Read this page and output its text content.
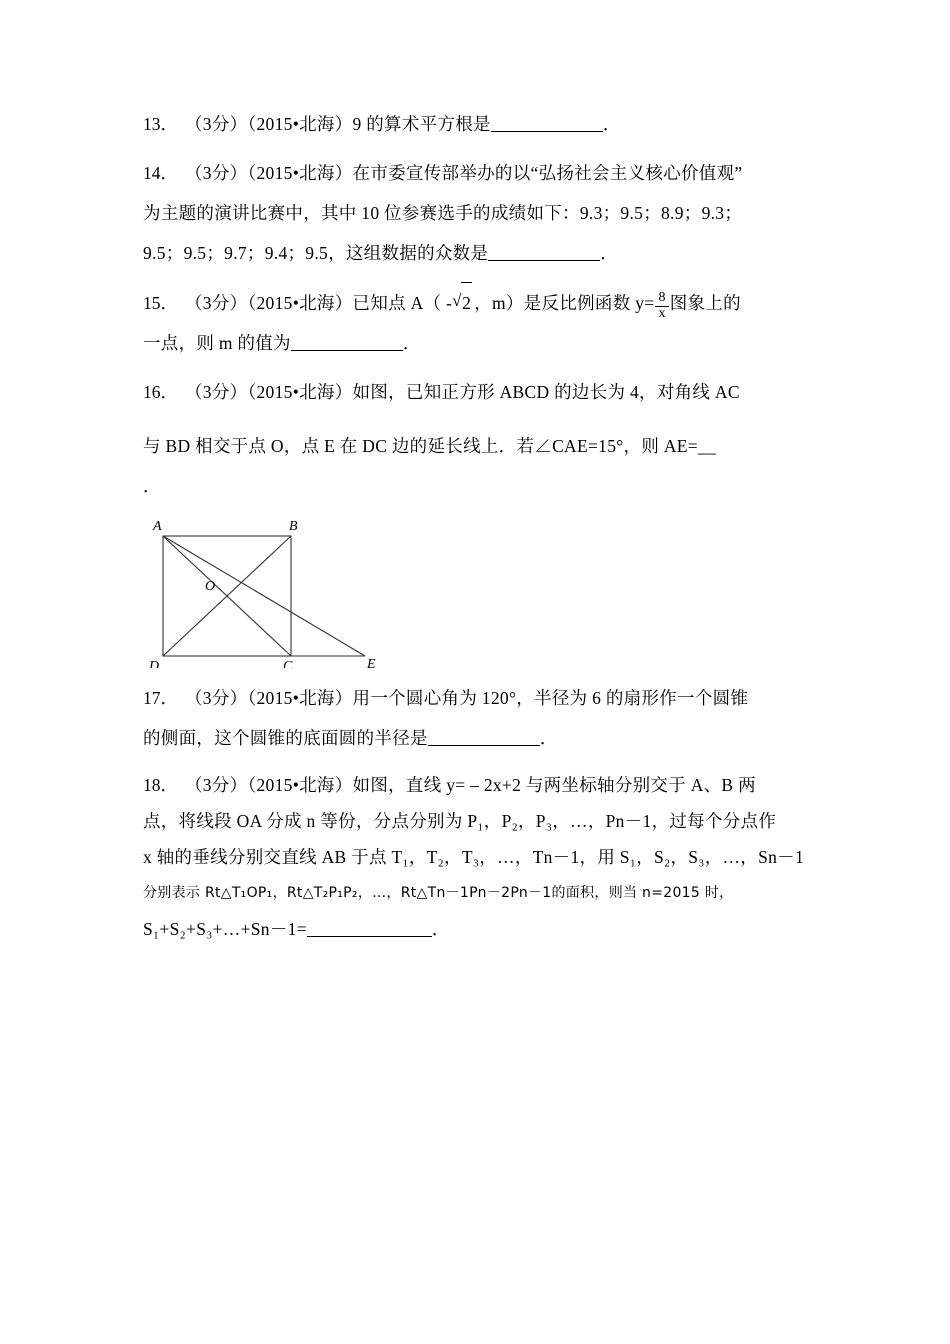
13． （3分）（2015•北海）9 的算术平方根是	．
14． （3分）（2015•北海）在市委宣传部举办的以“弘扬社会主义核心价值观”
为主题的演讲比赛中，其中 10 位参赛选手的成绩如下：9.3；9.5；8.9；9.3；
9.5；9.5；9.7；9.4；9.5，这组数据的众数是	．
15． （3分）（2015•北海）已知点 A（ - √ 2 ，m）是反比例函数 $y= \frac{8}{x}$ 图象上的
一点，则 m 的值为	．
16． （3分）（2015•北海）如图，已知正方形 ABCD 的边长为 4，对角线 AC
与 BD 相交于点 O，点 E 在 DC 边的延长线上．若∠CAE=15°，则 AE=__
．
A	B
O
D	C	E
17． （3分）（2015•北海）用一个圆心角为 120°，半径为 6 的扇形作一个圆锥
的侧面，这个圆锥的底面圆的半径是	．
18． （3分）（2015•北海）如图，直线 y= – 2x+2 与两坐标轴分别交于 A、B 两
点，将线段 OA 分成 n 等份，分点分别为 P₁，P₂，P₃，…，Pn－1，过每个分点作
x 轴的垂线分别交直线 AB 于点 T₁，T₂，T₃，…，Tn－1，用 S₁，S₂，S₃，…，Sn－1
分别表示 Rt△T₁OP₁，Rt△T₂P₁P₂，…，Rt△Tn－1Pn－2Pn－1的面积，则当 n=2015 时，
S₁+S₂+S₃+…+Sn－1=	．
